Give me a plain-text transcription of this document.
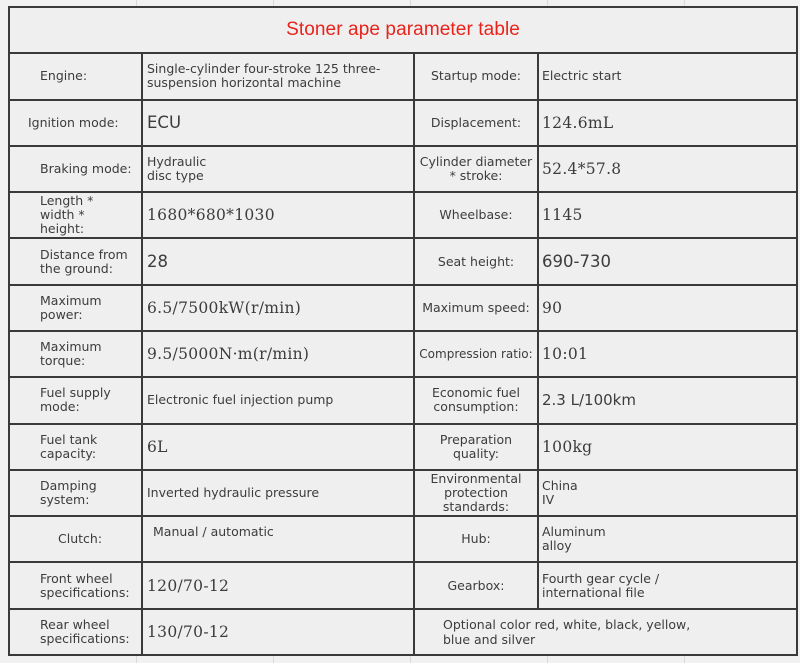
Stoner ape parameter table			
Engine:	Single-cylinder four-stroke 125 three-suspension horizontal machine	Startup mode:	Electric start
Ignition mode:	ECU	Displacement:	124.6mL
Braking mode:	Hydraulic disc type	Cylinder diameter * stroke:	52.4*57.8
Length * width * height:	1680*680*1030	Wheelbase:	1145
Distance from the ground:	28	Seat height:	690-730
Maximum power:	6.5/7500kW(r/min)	Maximum speed:	90
Maximum torque:	9.5/5000N·m(r/min)	Compression ratio:	10:01
Fuel supply mode:	Electronic fuel injection pump	Economic fuel consumption:	2.3 L/100km
Fuel tank capacity:	6L	Preparation quality:	100kg
Damping system:	Inverted hydraulic pressure	Environmental protection standards:	China IV
Clutch:	Manual / automatic	Hub:	Aluminum alloy
Front wheel specifications:	120/70-12	Gearbox:	Fourth gear cycle / international file
Rear wheel specifications:	130/70-12	Optional color red, white, black, yellow, blue and silver	
